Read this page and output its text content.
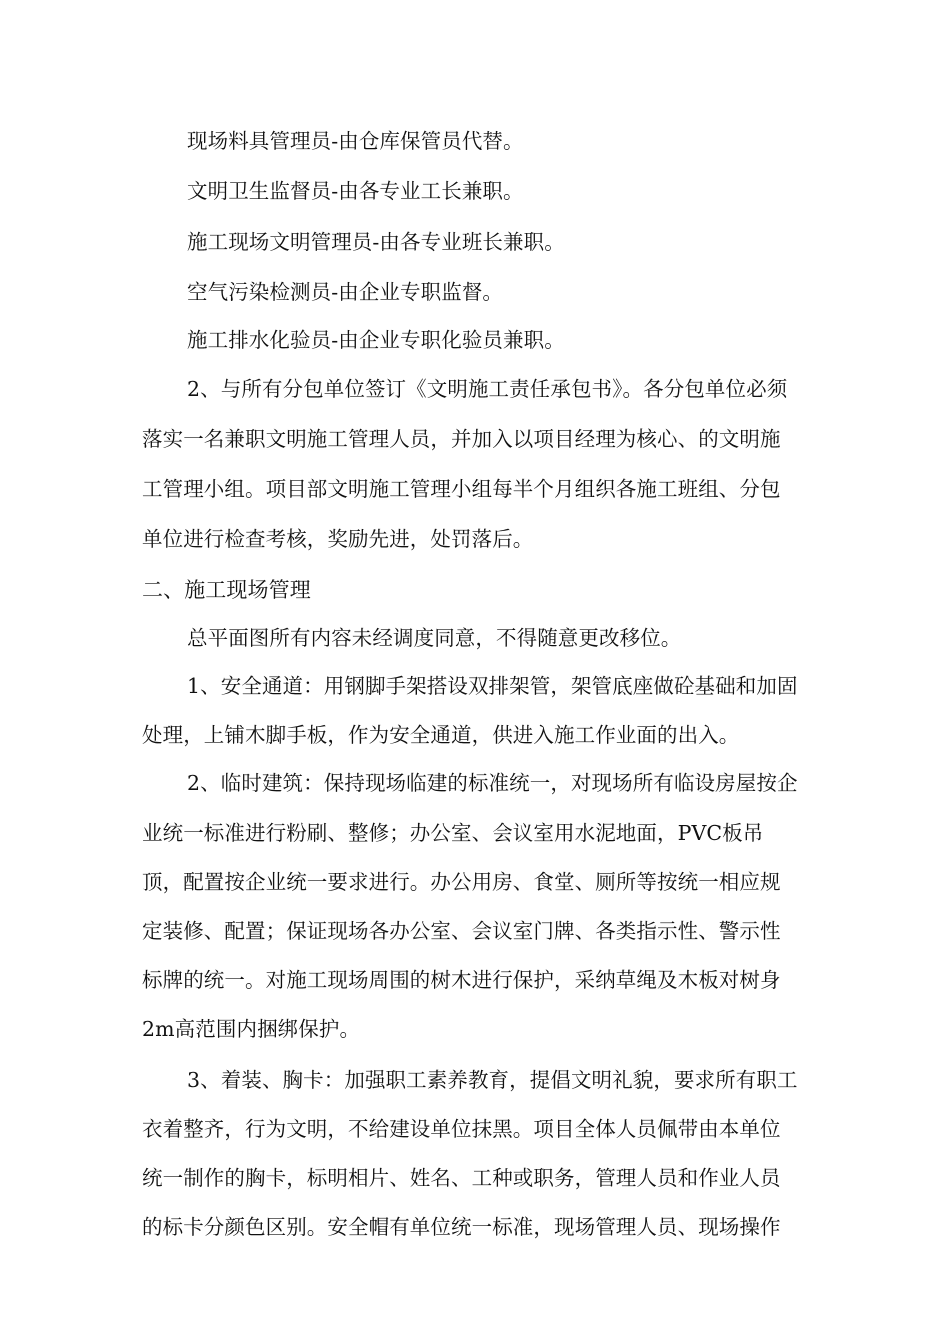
现场料具管理员-由仓库保管员代替。
文明卫生监督员-由各专业工长兼职。
施工现场文明管理员-由各专业班长兼职。
空气污染检测员-由企业专职监督。
施工排水化验员-由企业专职化验员兼职。
2、与所有分包单位签订《文明施工责任承包书》。各分包单位必须
落实一名兼职文明施工管理人员，并加入以项目经理为核心、的文明施
工管理小组。项目部文明施工管理小组每半个月组织各施工班组、分包
单位进行检查考核，奖励先进，处罚落后。
二、施工现场管理
总平面图所有内容未经调度同意，不得随意更改移位。
1、安全通道：用钢脚手架搭设双排架管，架管底座做砼基础和加固
处理，上铺木脚手板，作为安全通道，供进入施工作业面的出入。
2、临时建筑：保持现场临建的标准统一，对现场所有临设房屋按企
业统一标准进行粉刷、整修；办公室、会议室用水泥地面，PVC板吊
顶，配置按企业统一要求进行。办公用房、食堂、厕所等按统一相应规
定装修、配置；保证现场各办公室、会议室门牌、各类指示性、警示性
标牌的统一。对施工现场周围的树木进行保护，采纳草绳及木板对树身
2m高范围内捆绑保护。
3、着装、胸卡：加强职工素养教育，提倡文明礼貌，要求所有职工
衣着整齐，行为文明，不给建设单位抹黑。项目全体人员佩带由本单位
统一制作的胸卡，标明相片、姓名、工种或职务，管理人员和作业人员
的标卡分颜色区别。安全帽有单位统一标准，现场管理人员、现场操作
